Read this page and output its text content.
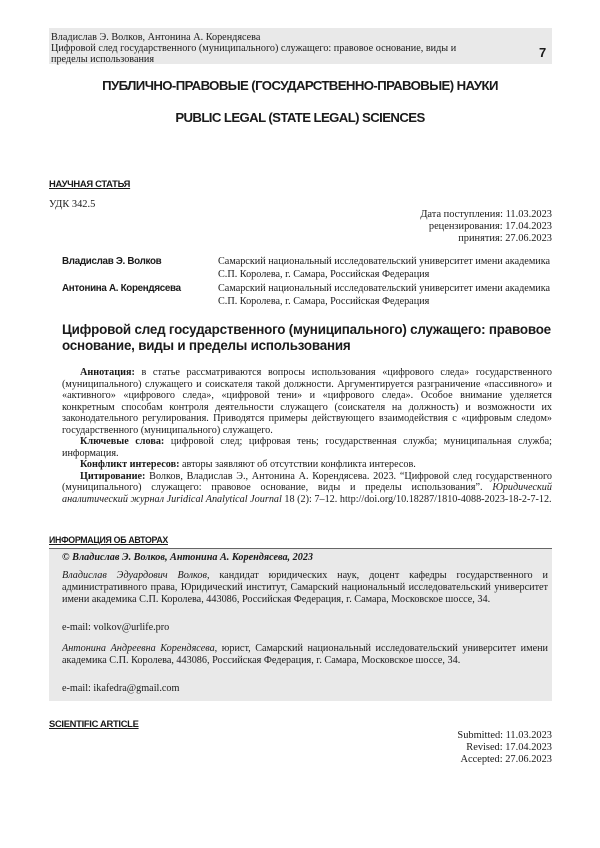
Владислав Э. Волков, Антонина А. Корендясева
Цифровой след государственного (муниципального) служащего: правовое основание, виды и пределы использования	7
ПУБЛИЧНО-ПРАВОВЫЕ (ГОСУДАРСТВЕННО-ПРАВОВЫЕ) НАУКИ
PUBLIC LEGAL (STATE LEGAL) SCIENCES
НАУЧНАЯ СТАТЬЯ
УДК 342.5
Дата поступления: 11.03.2023
рецензирования: 17.04.2023
принятия: 27.06.2023
Владислав Э. Волков	Самарский национальный исследовательский университет имени академика С.П. Королева, г. Самара, Российская Федерация
Антонина А. Корендясева	Самарский национальный исследовательский университет имени академика С.П. Королева, г. Самара, Российская Федерация
Цифровой след государственного (муниципального) служащего: правовое основание, виды и пределы использования

Аннотация: в статье рассматриваются вопросы использования «цифрового следа» государственного (муниципального) служащего и соискателя такой должности. Аргументируется разграничение «пассивного» и «активного» «цифрового следа», «цифровой тени» и «цифрового следа». Особое внимание уделяется конкретным способам контроля деятельности служащего (соискателя на должность) и возможности их законодательного регулирования. Приводятся примеры действующего взаимодействия с «цифровым следом» государственного (муниципального) служащего.

Ключевые слова: цифровой след; цифровая тень; государственная служба; муниципальная служба; информация.

Конфликт интересов: авторы заявляют об отсутствии конфликта интересов.

Цитирование: Волков, Владислав Э., Антонина А. Корендясева. 2023. “Цифровой след государственного (муниципального) служащего: правовое основание, виды и пределы использования”. Юридический аналитический журнал Juridical Analytical Journal 18 (2): 7–12. http://doi.org/10.18287/1810-4088-2023-18-2-7-12.

ИНФОРМАЦИЯ ОБ АВТОРАХ
© Владислав Э. Волков, Антонина А. Корендясева, 2023
Владислав Эдуардович Волков, кандидат юридических наук, доцент кафедры государственного и административного права, Юридический институт, Самарский национальный исследовательский университет имени академика С.П. Королева, 443086, Российская Федерация, г. Самара, Московское шоссе, 34.
e-mail: volkov@urlife.pro
Антонина Андреевна Корендясева, юрист, Самарский национальный исследовательский университет имени академика С.П. Королева, 443086, Российская Федерация, г. Самара, Московское шоссе, 34.
e-mail: ikafedra@gmail.com
SCIENTIFIC ARTICLE
Submitted: 11.03.2023
Revised: 17.04.2023
Accepted: 27.06.2023
